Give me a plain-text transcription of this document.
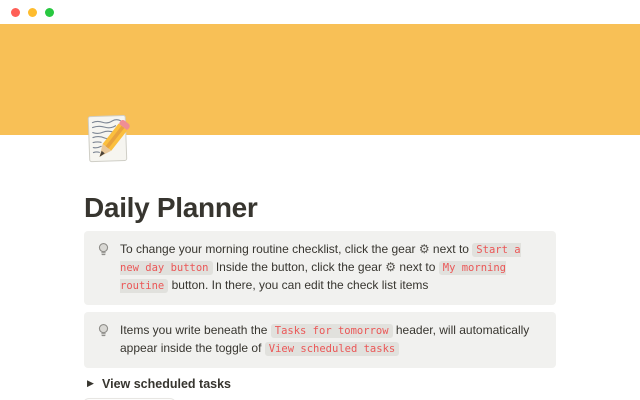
Daily Planner
To change your morning routine checklist, click the gear ⚙ next to Start a new day button Inside the button, click the gear ⚙ next to My morning routine button. In there, you can edit the check list items
Items you write beneath the Tasks for tomorrow header, will automatically appear inside the toggle of View scheduled tasks
▶ View scheduled tasks
